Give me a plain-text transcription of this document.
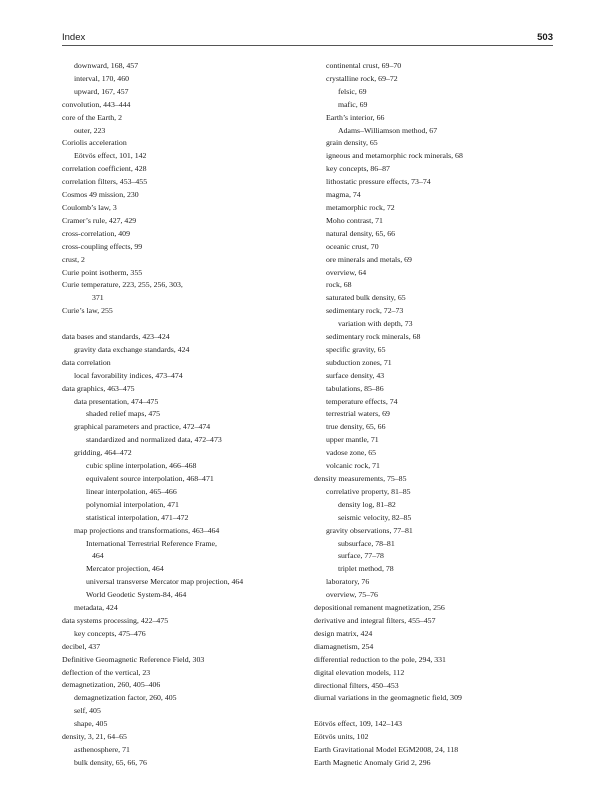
Index	503
downward, 168, 457
interval, 170, 460
upward, 167, 457
convolution, 443–444
core of the Earth, 2
outer, 223
Coriolis acceleration
Eötvös effect, 101, 142
correlation coefficient, 428
correlation filters, 453–455
Cosmos 49 mission, 230
Coulomb’s law, 3
Cramer’s rule, 427, 429
cross-correlation, 409
cross-coupling effects, 99
crust, 2
Curie point isotherm, 355
Curie temperature, 223, 255, 256, 303,
371
Curie’s law, 255
data bases and standards, 423–424
gravity data exchange standards, 424
data correlation
local favorability indices, 473–474
data graphics, 463–475
data presentation, 474–475
shaded relief maps, 475
graphical parameters and practice, 472–474
standardized and normalized data, 472–473
gridding, 464–472
cubic spline interpolation, 466–468
equivalent source interpolation, 468–471
linear interpolation, 465–466
polynomial interpolation, 471
statistical interpolation, 471–472
map projections and transformations, 463–464
International Terrestrial Reference Frame,
464
Mercator projection, 464
universal transverse Mercator map projection, 464
World Geodetic System-84, 464
metadata, 424
data systems processing, 422–475
key concepts, 475–476
decibel, 437
Definitive Geomagnetic Reference Field, 303
deflection of the vertical, 23
demagnetization, 260, 405–406
demagnetization factor, 260, 405
self, 405
shape, 405
density, 3, 21, 64–65
asthenosphere, 71
bulk density, 65, 66, 76
continental crust, 69–70
crystalline rock, 69–72
felsic, 69
mafic, 69
Earth’s interior, 66
Adams–Williamson method, 67
grain density, 65
igneous and metamorphic rock minerals, 68
key concepts, 86–87
lithostatic pressure effects, 73–74
magma, 74
metamorphic rock, 72
Moho contrast, 71
natural density, 65, 66
oceanic crust, 70
ore minerals and metals, 69
overview, 64
rock, 68
saturated bulk density, 65
sedimentary rock, 72–73
variation with depth, 73
sedimentary rock minerals, 68
specific gravity, 65
subduction zones, 71
surface density, 43
tabulations, 85–86
temperature effects, 74
terrestrial waters, 69
true density, 65, 66
upper mantle, 71
vadose zone, 65
volcanic rock, 71
density measurements, 75–85
correlative property, 81–85
density log, 81–82
seismic velocity, 82–85
gravity observations, 77–81
subsurface, 78–81
surface, 77–78
triplet method, 78
laboratory, 76
overview, 75–76
depositional remanent magnetization, 256
derivative and integral filters, 455–457
design matrix, 424
diamagnetism, 254
differential reduction to the pole, 294, 331
digital elevation models, 112
directional filters, 450–453
diurnal variations in the geomagnetic field, 309
Eötvös effect, 109, 142–143
Eötvös units, 102
Earth Gravitational Model EGM2008, 24, 118
Earth Magnetic Anomaly Grid 2, 296
